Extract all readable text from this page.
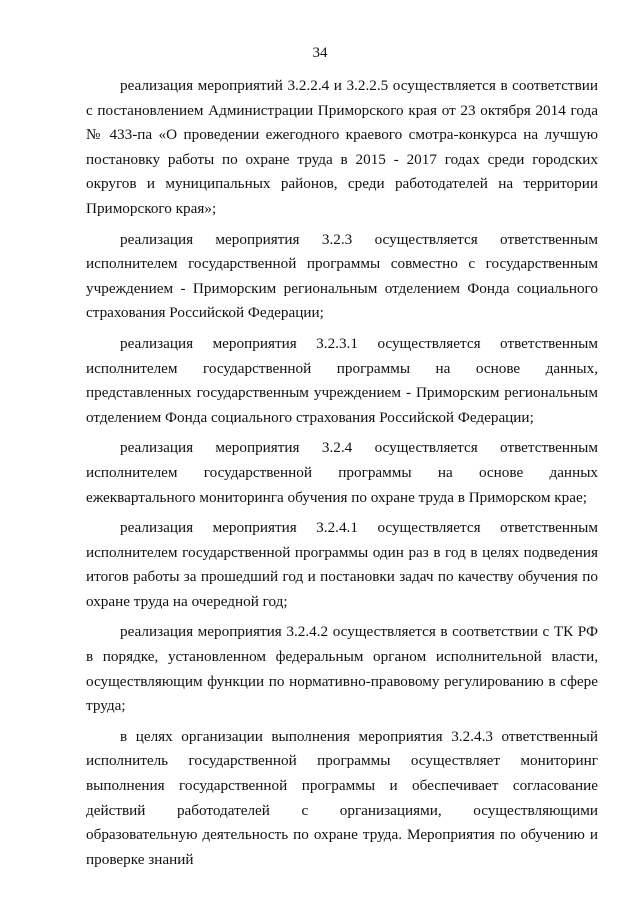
34

реализация мероприятий 3.2.2.4 и 3.2.2.5 осуществляется в соответствии с постановлением Администрации Приморского края от 23 октября 2014 года № 433-па «О проведении ежегодного краевого смотра-конкурса на лучшую постановку работы по охране труда в 2015 - 2017 годах среди городских округов и муниципальных районов, среди работодателей на территории Приморского края»;

реализация мероприятия 3.2.3 осуществляется ответственным исполнителем государственной программы совместно с государственным учреждением - Приморским региональным отделением Фонда социального страхования Российской Федерации;

реализация мероприятия 3.2.3.1 осуществляется ответственным исполнителем государственной программы на основе данных, представленных государственным учреждением - Приморским региональным отделением Фонда социального страхования Российской Федерации;

реализация мероприятия 3.2.4 осуществляется ответственным исполнителем государственной программы на основе данных ежеквартального мониторинга обучения по охране труда в Приморском крае;

реализация мероприятия 3.2.4.1 осуществляется ответственным исполнителем государственной программы один раз в год в целях подведения итогов работы за прошедший год и постановки задач по качеству обучения по охране труда на очередной год;

реализация мероприятия 3.2.4.2 осуществляется в соответствии с ТК РФ в порядке, установленном федеральным органом исполнительной власти, осуществляющим функции по нормативно-правовому регулированию в сфере труда;

в целях организации выполнения мероприятия 3.2.4.3 ответственный исполнитель государственной программы осуществляет мониторинг выполнения государственной программы и обеспечивает согласование действий работодателей с организациями, осуществляющими образовательную деятельность по охране труда. Мероприятия по обучению и проверке знаний
